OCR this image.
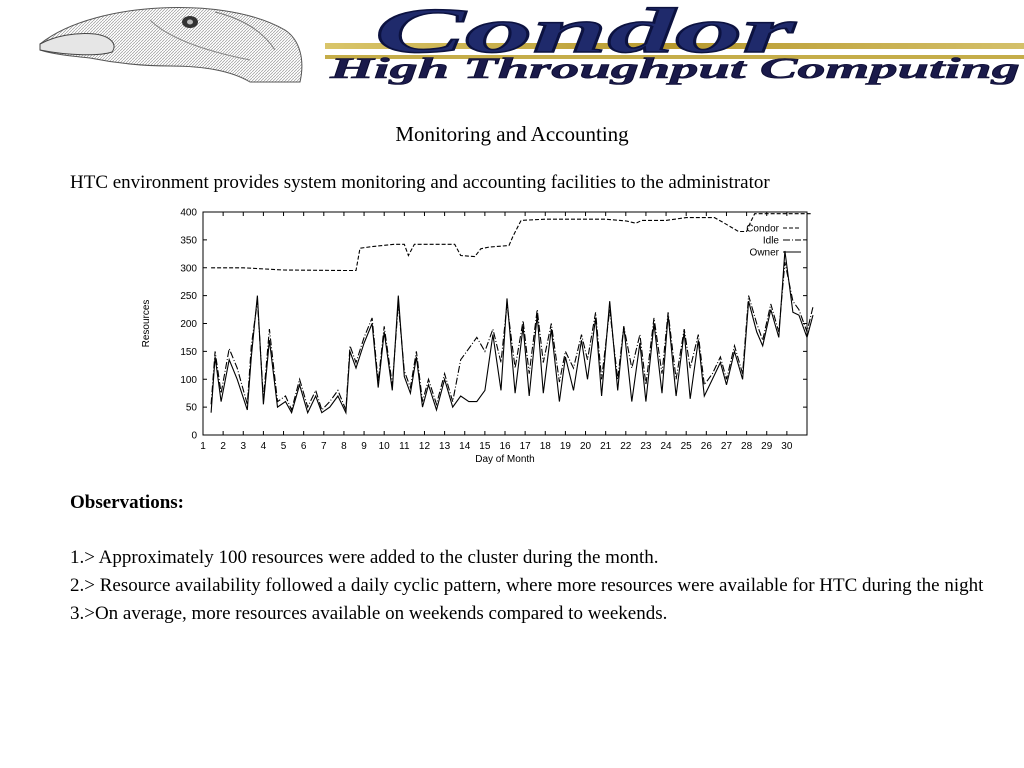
Condor
High Throughput Computing
Monitoring and Accounting
HTC environment provides system monitoring and accounting facilities to the administrator
0
50
100
150
200
250
300
350
400
1 2 3 4 5 6 7 8 9 10 11 12 13 14 15 16 17 18 19 20 21 22 23 24 25 26 27 28 29 30
Day of Month
Resources
Condor
Idle
Owner
Observations:
1.> Approximately 100 resources were added to the cluster during the month.
2.> Resource availability followed a daily cyclic pattern, where more resources were available for HTC during the night
3.>On average, more resources available on weekends compared to weekends.
